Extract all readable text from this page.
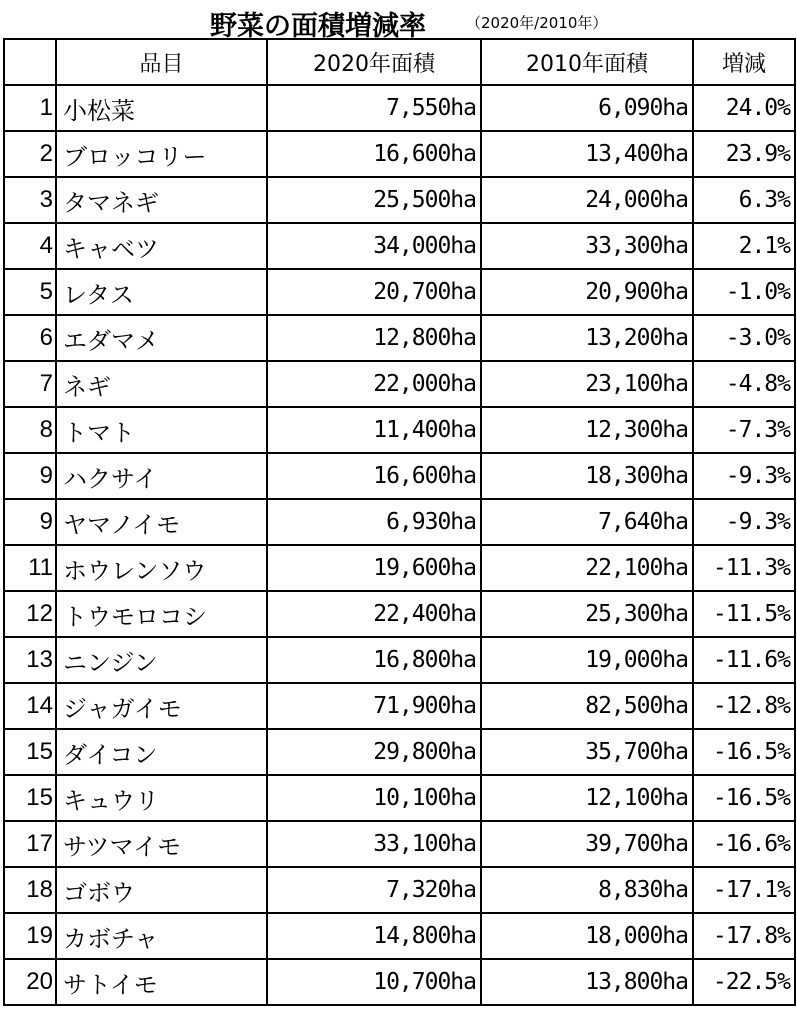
野菜の面積増減率	（2020年/2010年）
	品目	2020年面積	2010年面積	増減
1	小松菜	7,550ha	6,090ha	24.0%
2	ブロッコリー	16,600ha	13,400ha	23.9%
3	タマネギ	25,500ha	24,000ha	6.3%
4	キャベツ	34,000ha	33,300ha	2.1%
5	レタス	20,700ha	20,900ha	-1.0%
6	エダマメ	12,800ha	13,200ha	-3.0%
7	ネギ	22,000ha	23,100ha	-4.8%
8	トマト	11,400ha	12,300ha	-7.3%
9	ハクサイ	16,600ha	18,300ha	-9.3%
9	ヤマノイモ	6,930ha	7,640ha	-9.3%
11	ホウレンソウ	19,600ha	22,100ha	-11.3%
12	トウモロコシ	22,400ha	25,300ha	-11.5%
13	ニンジン	16,800ha	19,000ha	-11.6%
14	ジャガイモ	71,900ha	82,500ha	-12.8%
15	ダイコン	29,800ha	35,700ha	-16.5%
15	キュウリ	10,100ha	12,100ha	-16.5%
17	サツマイモ	33,100ha	39,700ha	-16.6%
18	ゴボウ	7,320ha	8,830ha	-17.1%
19	カボチャ	14,800ha	18,000ha	-17.8%
20	サトイモ	10,700ha	13,800ha	-22.5%
